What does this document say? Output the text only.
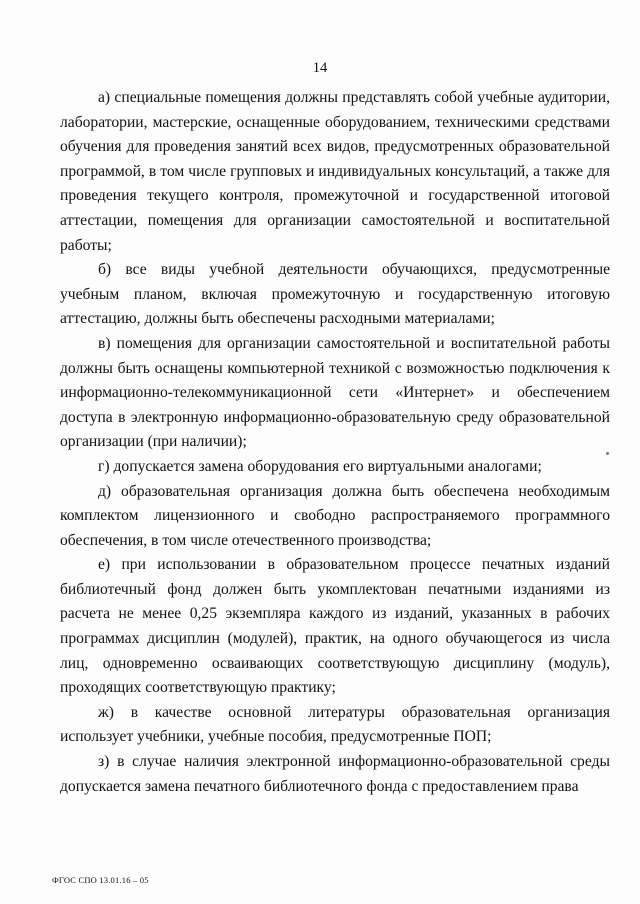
14

а) специальные помещения должны представлять собой учебные аудитории, лаборатории, мастерские, оснащенные оборудованием, техническими средствами обучения для проведения занятий всех видов, предусмотренных образовательной программой, в том числе групповых и индивидуальных консультаций, а также для проведения текущего контроля, промежуточной и государственной итоговой аттестации, помещения для организации самостоятельной и воспитательной работы;

б) все виды учебной деятельности обучающихся, предусмотренные учебным планом, включая промежуточную и государственную итоговую аттестацию, должны быть обеспечены расходными материалами;

в) помещения для организации самостоятельной и воспитательной работы должны быть оснащены компьютерной техникой с возможностью подключения к информационно-телекоммуникационной сети «Интернет» и обеспечением доступа в электронную информационно-образовательную среду образовательной организации (при наличии);

г) допускается замена оборудования его виртуальными аналогами;

д) образовательная организация должна быть обеспечена необходимым комплектом лицензионного и свободно распространяемого программного обеспечения, в том числе отечественного производства;

е) при использовании в образовательном процессе печатных изданий библиотечный фонд должен быть укомплектован печатными изданиями из расчета не менее 0,25 экземпляра каждого из изданий, указанных в рабочих программах дисциплин (модулей), практик, на одного обучающегося из числа лиц, одновременно осваивающих соответствующую дисциплину (модуль), проходящих соответствующую практику;

ж) в качестве основной литературы образовательная организация использует учебники, учебные пособия, предусмотренные ПОП;

з) в случае наличия электронной информационно-образовательной среды допускается замена печатного библиотечного фонда с предоставлением права

ФГОС СПО 13.01.16 – 05
